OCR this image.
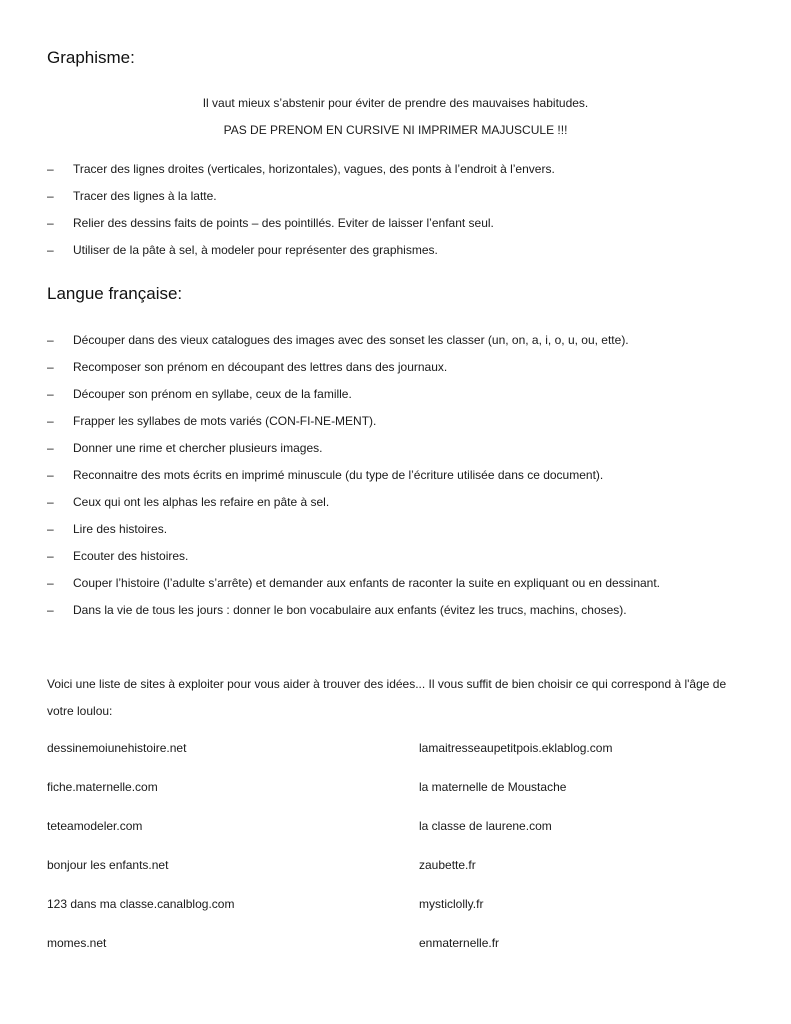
Graphisme:

Il vaut mieux s’abstenir pour éviter de prendre des mauvaises habitudes.

PAS DE PRENOM EN CURSIVE NI IMPRIMER MAJUSCULE !!!

– Tracer des lignes droites (verticales, horizontales), vagues, des ponts à l’endroit à l’envers.
– Tracer des lignes à la latte.
– Relier des dessins faits de points – des pointillés. Eviter de laisser l’enfant seul.
– Utiliser de la pâte à sel, à modeler pour représenter des graphismes.
Langue française:
– Découper dans des vieux catalogues des images avec des sonset les classer (un, on, a, i, o, u, ou, ette).
– Recomposer son prénom en découpant des lettres dans des journaux.
– Découper son prénom en syllabe, ceux de la famille.
– Frapper les syllabes de mots variés (CON-FI-NE-MENT).
– Donner une rime et chercher plusieurs images.
– Reconnaitre des mots écrits en imprimé minuscule (du type de l’écriture utilisée dans ce document).
– Ceux qui ont les alphas les refaire en pâte à sel.
– Lire des histoires.
– Ecouter des histoires.
– Couper l’histoire (l’adulte s’arrête) et demander aux enfants de raconter la suite en expliquant ou en dessinant.
– Dans la vie de tous les jours : donner le bon vocabulaire aux enfants (évitez les trucs, machins, choses).

Voici une liste de sites à exploiter pour vous aider à trouver des idées... Il vous suffit de bien choisir ce qui correspond à l'âge de votre loulou:

dessinemoiunehistoire.net	lamaitresseaupetitpois.eklablog.com
fiche.maternelle.com	la maternelle de Moustache
teteamodeler.com	la classe de laurene.com
bonjour les enfants.net	zaubette.fr
123 dans ma classe.canalblog.com	mysticlolly.fr
momes.net	enmaternelle.fr
